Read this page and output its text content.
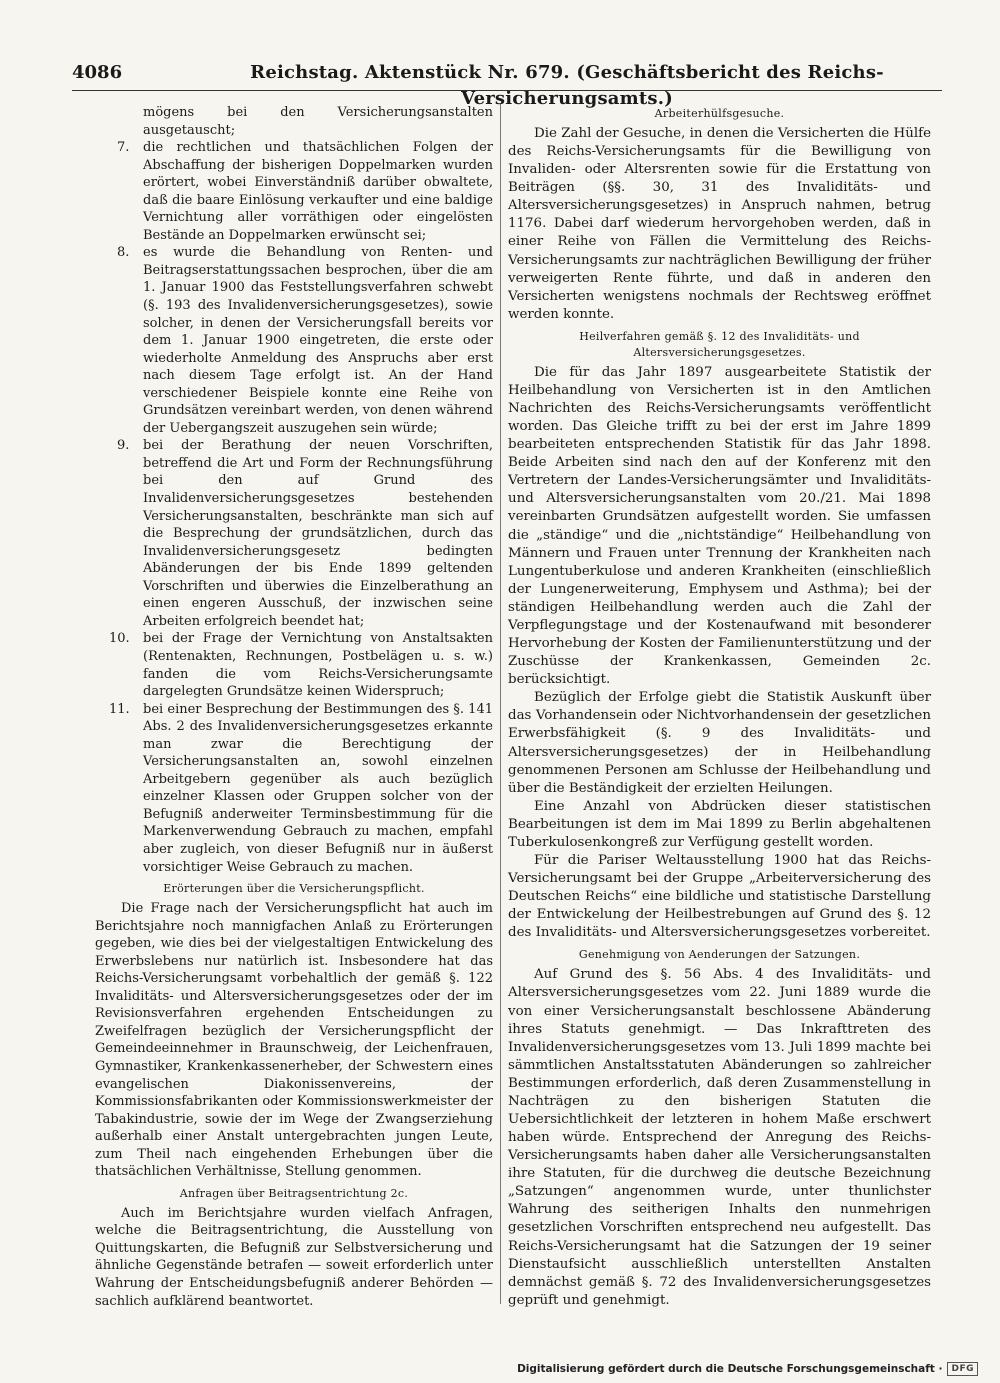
4086	Reichstag. Aktenstück Nr. 679. (Geschäftsbericht des Reichs-Versicherungsamts.)

mögens bei den Versicherungsanstalten ausgetauscht;

7.	die rechtlichen und thatsächlichen Folgen der Abschaffung der bisherigen Doppelmarken wurden erörtert, wobei Einverständniß darüber obwaltete, daß die baare Einlösung verkaufter und eine baldige Vernichtung aller vorräthigen oder eingelösten Bestände an Doppelmarken erwünscht sei;
8.	es wurde die Behandlung von Renten- und Beitragserstattungssachen besprochen, über die am 1. Januar 1900 das Feststellungsverfahren schwebt (§. 193 des Invalidenversicherungsgesetzes), sowie solcher, in denen der Versicherungsfall bereits vor dem 1. Januar 1900 eingetreten, die erste oder wiederholte Anmeldung des Anspruchs aber erst nach diesem Tage erfolgt ist. An der Hand verschiedener Beispiele konnte eine Reihe von Grundsätzen vereinbart werden, von denen während der Uebergangszeit auszugehen sein würde;
9.	bei der Berathung der neuen Vorschriften, betreffend die Art und Form der Rechnungsführung bei den auf Grund des Invalidenversicherungsgesetzes bestehenden Versicherungsanstalten, beschränkte man sich auf die Besprechung der grundsätzlichen, durch das Invalidenversicherungsgesetz bedingten Abänderungen der bis Ende 1899 geltenden Vorschriften und überwies die Einzelberathung an einen engeren Ausschuß, der inzwischen seine Arbeiten erfolgreich beendet hat;
10.	bei der Frage der Vernichtung von Anstaltsakten (Rentenakten, Rechnungen, Postbelägen u. s. w.) fanden die vom Reichs-Versicherungsamte dargelegten Grundsätze keinen Widerspruch;
11.	bei einer Besprechung der Bestimmungen des §. 141 Abs. 2 des Invalidenversicherungsgesetzes erkannte man zwar die Berechtigung der Versicherungsanstalten an, sowohl einzelnen Arbeitgebern gegenüber als auch bezüglich einzelner Klassen oder Gruppen solcher von der Befugniß anderweiter Terminsbestimmung für die Markenverwendung Gebrauch zu machen, empfahl aber zugleich, von dieser Befugniß nur in äußerst vorsichtiger Weise Gebrauch zu machen.
Erörterungen über die Versicherungspflicht.

Die Frage nach der Versicherungspflicht hat auch im Berichtsjahre noch mannigfachen Anlaß zu Erörterungen gegeben, wie dies bei der vielgestaltigen Entwickelung des Erwerbslebens nur natürlich ist. Insbesondere hat das Reichs-Versicherungsamt vorbehaltlich der gemäß §. 122 Invaliditäts- und Altersversicherungsgesetzes oder der im Revisionsverfahren ergehenden Entscheidungen zu Zweifelfragen bezüglich der Versicherungspflicht der Gemeindeeinnehmer in Braunschweig, der Leichenfrauen, Gymnastiker, Krankenkassenerheber, der Schwestern eines evangelischen Diakonissenvereins, der Kommissionsfabrikanten oder Kommissionswerkmeister der Tabakindustrie, sowie der im Wege der Zwangserziehung außerhalb einer Anstalt untergebrachten jungen Leute, zum Theil nach eingehenden Erhebungen über die thatsächlichen Verhältnisse, Stellung genommen.

Anfragen über Beitragsentrichtung 2c.

Auch im Berichtsjahre wurden vielfach Anfragen, welche die Beitragsentrichtung, die Ausstellung von Quittungskarten, die Befugniß zur Selbstversicherung und ähnliche Gegenstände betrafen — soweit erforderlich unter Wahrung der Entscheidungsbefugniß anderer Behörden — sachlich aufklärend beantwortet.

Arbeiterhülfsgesuche.

Die Zahl der Gesuche, in denen die Versicherten die Hülfe des Reichs-Versicherungsamts für die Bewilligung von Invaliden- oder Altersrenten sowie für die Erstattung von Beiträgen (§§. 30, 31 des Invaliditäts- und Altersversicherungsgesetzes) in Anspruch nahmen, betrug 1176. Dabei darf wiederum hervorgehoben werden, daß in einer Reihe von Fällen die Vermittelung des Reichs-Versicherungsamts zur nachträglichen Bewilligung der früher verweigerten Rente führte, und daß in anderen den Versicherten wenigstens nochmals der Rechtsweg eröffnet werden konnte.

Heilverfahren gemäß §. 12 des Invaliditäts- und Altersversicherungsgesetzes.

Die für das Jahr 1897 ausgearbeitete Statistik der Heilbehandlung von Versicherten ist in den Amtlichen Nachrichten des Reichs-Versicherungsamts veröffentlicht worden. Das Gleiche trifft zu bei der erst im Jahre 1899 bearbeiteten entsprechenden Statistik für das Jahr 1898. Beide Arbeiten sind nach den auf der Konferenz mit den Vertretern der Landes-Versicherungsämter und Invaliditäts- und Altersversicherungsanstalten vom 20./21. Mai 1898 vereinbarten Grundsätzen aufgestellt worden. Sie umfassen die „ständige“ und die „nichtständige“ Heilbehandlung von Männern und Frauen unter Trennung der Krankheiten nach Lungentuberkulose und anderen Krankheiten (einschließlich der Lungenerweiterung, Emphysem und Asthma); bei der ständigen Heilbehandlung werden auch die Zahl der Verpflegungstage und der Kostenaufwand mit besonderer Hervorhebung der Kosten der Familienunterstützung und der Zuschüsse der Krankenkassen, Gemeinden 2c. berücksichtigt.

Bezüglich der Erfolge giebt die Statistik Auskunft über das Vorhandensein oder Nichtvorhandensein der gesetzlichen Erwerbsfähigkeit (§. 9 des Invaliditäts- und Altersversicherungsgesetzes) der in Heilbehandlung genommenen Personen am Schlusse der Heilbehandlung und über die Beständigkeit der erzielten Heilungen.

Eine Anzahl von Abdrücken dieser statistischen Bearbeitungen ist dem im Mai 1899 zu Berlin abgehaltenen Tuberkulosenkongreß zur Verfügung gestellt worden.

Für die Pariser Weltausstellung 1900 hat das Reichs-Versicherungsamt bei der Gruppe „Arbeiterversicherung des Deutschen Reichs“ eine bildliche und statistische Darstellung der Entwickelung der Heilbestrebungen auf Grund des §. 12 des Invaliditäts- und Altersversicherungsgesetzes vorbereitet.

Genehmigung von Aenderungen der Satzungen.

Auf Grund des §. 56 Abs. 4 des Invaliditäts- und Altersversicherungsgesetzes vom 22. Juni 1889 wurde die von einer Versicherungsanstalt beschlossene Abänderung ihres Statuts genehmigt. — Das Inkrafttreten des Invalidenversicherungsgesetzes vom 13. Juli 1899 machte bei sämmtlichen Anstaltsstatuten Abänderungen so zahlreicher Bestimmungen erforderlich, daß deren Zusammenstellung in Nachträgen zu den bisherigen Statuten die Uebersichtlichkeit der letzteren in hohem Maße erschwert haben würde. Entsprechend der Anregung des Reichs-Versicherungsamts haben daher alle Versicherungsanstalten ihre Statuten, für die durchweg die deutsche Bezeichnung „Satzungen“ angenommen wurde, unter thunlichster Wahrung des seitherigen Inhalts den nunmehrigen gesetzlichen Vorschriften entsprechend neu aufgestellt. Das Reichs-Versicherungsamt hat die Satzungen der 19 seiner Dienstaufsicht ausschließlich unterstellten Anstalten demnächst gemäß §. 72 des Invalidenversicherungsgesetzes geprüft und genehmigt.

Digitalisierung gefördert durch die Deutsche Forschungsgemeinschaft ·	DFG
